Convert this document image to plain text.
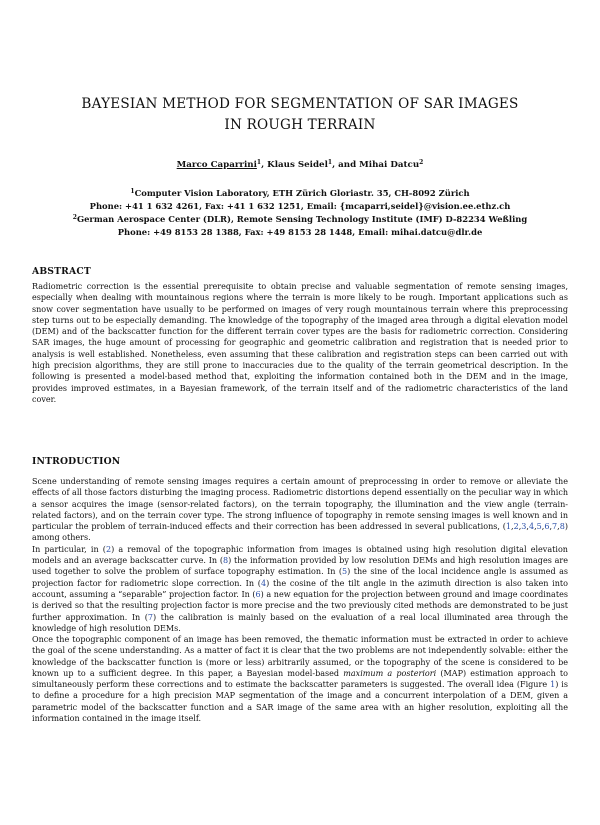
BAYESIAN METHOD FOR SEGMENTATION OF SAR IMAGES
IN ROUGH TERRAIN
Marco Caparrini$^1$, Klaus Seidel$^1$, and Mihai Datcu$^2$
$^1$Computer Vision Laboratory, ETH Zürich Gloriastr. 35, CH-8092 Zürich
Phone: +41 1 632 4261, Fax: +41 1 632 1251, Email: {mcaparri,seidel}@vision.ee.ethz.ch
$^2$German Aerospace Center (DLR), Remote Sensing Technology Institute (IMF) D-82234 Weßling
Phone: +49 8153 28 1388, Fax: +49 8153 28 1448, Email: mihai.datcu@dlr.de
ABSTRACT
Radiometric correction is the essential prerequisite to obtain precise and valuable segmentation of remote sensing images, especially when dealing with mountainous regions where the terrain is more likely to be rough. Important applications such as snow cover segmentation have usually to be performed on images of very rough mountainous terrain where this preprocessing step turns out to be especially demanding. The knowledge of the topography of the imaged area through a digital elevation model (DEM) and of the backscatter function for the different terrain cover types are the basis for radiometric correction. Considering SAR images, the huge amount of processing for geographic and geometric calibration and registration that is needed prior to analysis is well established. Nonetheless, even assuming that these calibration and registration steps can been carried out with high precision algorithms, they are still prone to inaccuracies due to the quality of the terrain geometrical description. In the following is presented a model-based method that, exploiting the information contained both in the DEM and in the image, provides improved estimates, in a Bayesian framework, of the terrain itself and of the radiometric characteristics of the land cover.
INTRODUCTION
Scene understanding of remote sensing images requires a certain amount of preprocessing in order to remove or alleviate the effects of all those factors disturbing the imaging process. Radiometric distortions depend essentially on the peculiar way in which a sensor acquires the image (sensor-related factors), on the terrain topography, the illumination and the view angle (terrain-related factors), and on the terrain cover type. The strong influence of topography in remote sensing images is well known and in particular the problem of terrain-induced effects and their correction has been addressed in several publications, (1,2,3,4,5,6,7,8) among others.
In particular, in (2) a removal of the topographic information from images is obtained using high resolution digital elevation models and an average backscatter curve. In (8) the information provided by low resolution DEMs and high resolution images are used together to solve the problem of surface topography estimation. In (5) the sine of the local incidence angle is assumed as projection factor for radiometric slope correction. In (4) the cosine of the tilt angle in the azimuth direction is also taken into account, assuming a “separable” projection factor. In (6) a new equation for the projection between ground and image coordinates is derived so that the resulting projection factor is more precise and the two previously cited methods are demonstrated to be just further approximation. In (7) the calibration is mainly based on the evaluation of a real local illuminated area through the knowledge of high resolution DEMs.
Once the topographic component of an image has been removed, the thematic information must be extracted in order to achieve the goal of the scene understanding. As a matter of fact it is clear that the two problems are not independently solvable: either the knowledge of the backscatter function is (more or less) arbitrarily assumed, or the topography of the scene is considered to be known up to a sufficient degree. In this paper, a Bayesian model-based maximum a posteriori (MAP) estimation approach to simultaneously perform these corrections and to estimate the backscatter parameters is suggested. The overall idea (Figure 1) is to define a procedure for a high precision MAP segmentation of the image and a concurrent interpolation of a DEM, given a parametric model of the backscatter function and a SAR image of the same area with an higher resolution, exploiting all the information contained in the image itself.
